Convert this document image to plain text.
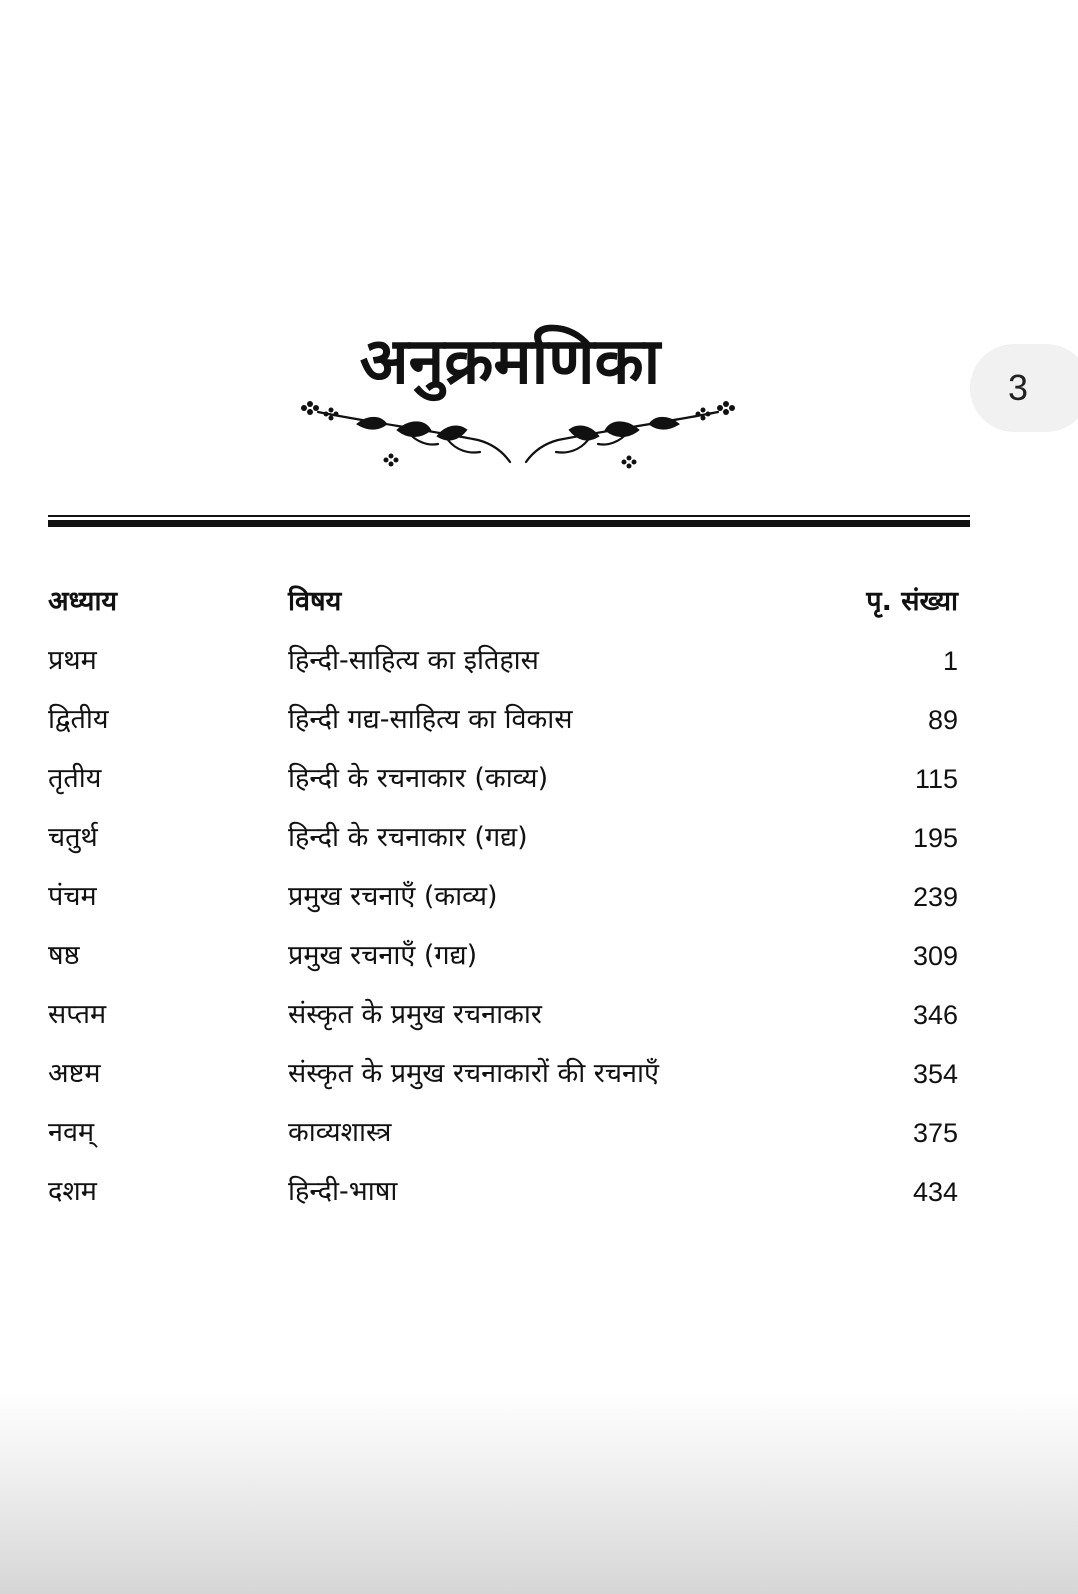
3
अनुक्रमणिका
अध्याय	विषय	पृ. संख्या
प्रथम	हिन्दी-साहित्य का इतिहास	1
द्वितीय	हिन्दी गद्य-साहित्य का विकास	89
तृतीय	हिन्दी के रचनाकार (काव्य)	115
चतुर्थ	हिन्दी के रचनाकार (गद्य)	195
पंचम	प्रमुख रचनाएँ (काव्य)	239
षष्ठ	प्रमुख रचनाएँ (गद्य)	309
सप्तम	संस्कृत के प्रमुख रचनाकार	346
अष्टम	संस्कृत के प्रमुख रचनाकारों की रचनाएँ	354
नवम्	काव्यशास्त्र	375
दशम	हिन्दी-भाषा	434
